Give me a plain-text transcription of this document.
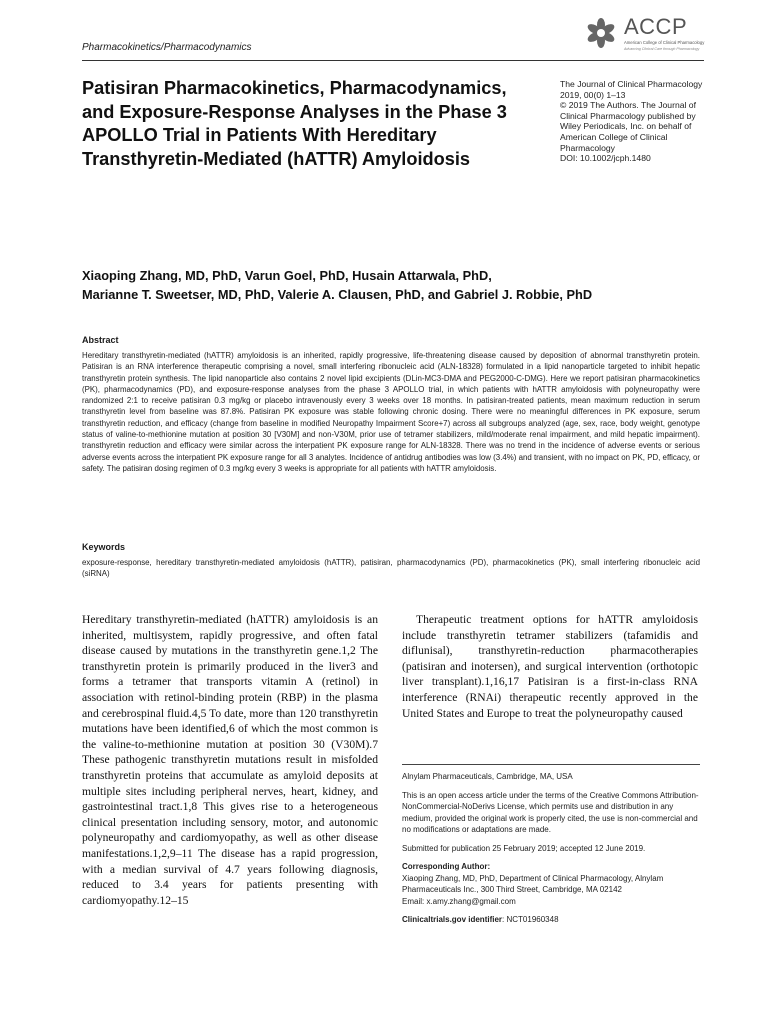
Pharmacokinetics/Pharmacodynamics
ACCP
American College of Clinical Pharmacology
Advancing Clinical Care through Pharmacology
Patisiran Pharmacokinetics, Pharmacodynamics, and Exposure-Response Analyses in the Phase 3 APOLLO Trial in Patients With Hereditary Transthyretin-Mediated (hATTR) Amyloidosis
The Journal of Clinical Pharmacology
2019, 00(0) 1–13
© 2019 The Authors. The Journal of Clinical Pharmacology published by Wiley Periodicals, Inc. on behalf of American College of Clinical Pharmacology
DOI: 10.1002/jcph.1480
Xiaoping Zhang, MD, PhD, Varun Goel, PhD, Husain Attarwala, PhD,
Marianne T. Sweetser, MD, PhD, Valerie A. Clausen, PhD, and Gabriel J. Robbie, PhD
Abstract

Hereditary transthyretin-mediated (hATTR) amyloidosis is an inherited, rapidly progressive, life-threatening disease caused by deposition of abnormal transthyretin protein. Patisiran is an RNA interference therapeutic comprising a novel, small interfering ribonucleic acid (ALN-18328) formulated in a lipid nanoparticle targeted to inhibit hepatic transthyretin protein synthesis. The lipid nanoparticle also contains 2 novel lipid excipients (DLin-MC3-DMA and PEG2000-C-DMG). Here we report patisiran pharmacokinetics (PK), pharmacodynamics (PD), and exposure-response analyses from the phase 3 APOLLO trial, in which patients with hATTR amyloidosis with polyneuropathy were randomized 2:1 to receive patisiran 0.3 mg/kg or placebo intravenously every 3 weeks over 18 months. In patisiran-treated patients, mean maximum reduction in serum transthyretin level from baseline was 87.8%. Patisiran PK exposure was stable following chronic dosing. There were no meaningful differences in PK exposure, serum transthyretin reduction, and efficacy (change from baseline in modified Neuropathy Impairment Score+7) across all subgroups analyzed (age, sex, race, body weight, genotype status of valine-to-methionine mutation at position 30 [V30M] and non-V30M, prior use of tetramer stabilizers, mild/moderate renal impairment, and mild hepatic impairment). transthyretin reduction and efficacy were similar across the interpatient PK exposure range for ALN-18328. There was no trend in the incidence of adverse events or serious adverse events across the interpatient PK exposure range for all 3 analytes. Incidence of antidrug antibodies was low (3.4%) and transient, with no impact on PK, PD, efficacy, or safety. The patisiran dosing regimen of 0.3 mg/kg every 3 weeks is appropriate for all patients with hATTR amyloidosis.

Keywords

exposure-response, hereditary transthyretin-mediated amyloidosis (hATTR), patisiran, pharmacodynamics (PD), pharmacokinetics (PK), small interfering ribonucleic acid (siRNA)

Hereditary transthyretin-mediated (hATTR) amyloidosis is an inherited, multisystem, rapidly progressive, and often fatal disease caused by mutations in the transthyretin gene.1,2 The transthyretin protein is primarily produced in the liver3 and forms a tetramer that transports vitamin A (retinol) in association with retinol-binding protein (RBP) in the plasma and cerebrospinal fluid.4,5 To date, more than 120 transthyretin mutations have been identified,6 of which the most common is the valine-to-methionine mutation at position 30 (V30M).7 These pathogenic transthyretin mutations result in misfolded transthyretin proteins that accumulate as amyloid deposits at multiple sites including peripheral nerves, heart, kidney, and gastrointestinal tract.1,8 This gives rise to a heterogeneous clinical presentation including sensory, motor, and autonomic polyneuropathy and cardiomyopathy, as well as other disease manifestations.1,2,9–11 The disease has a rapid progression, with a median survival of 4.7 years following diagnosis, reduced to 3.4 years for patients presenting with cardiomyopathy.12–15

Therapeutic treatment options for hATTR amyloidosis include transthyretin tetramer stabilizers (tafamidis and diflunisal), transthyretin-reduction pharmacotherapies (patisiran and inotersen), and surgical intervention (orthotopic liver transplant).1,16,17 Patisiran is a first-in-class RNA interference (RNAi) therapeutic recently approved in the United States and Europe to treat the polyneuropathy caused

Alnylam Pharmaceuticals, Cambridge, MA, USA
This is an open access article under the terms of the Creative Commons Attribution-NonCommercial-NoDerivs License, which permits use and distribution in any medium, provided the original work is properly cited, the use is non-commercial and no modifications or adaptations are made.
Submitted for publication 25 February 2019; accepted 12 June 2019.
Corresponding Author:
Xiaoping Zhang, MD, PhD, Department of Clinical Pharmacology, Alnylam Pharmaceuticals Inc., 300 Third Street, Cambridge, MA 02142
Email: x.amy.zhang@gmail.com
Clinicaltrials.gov identifier: NCT01960348
